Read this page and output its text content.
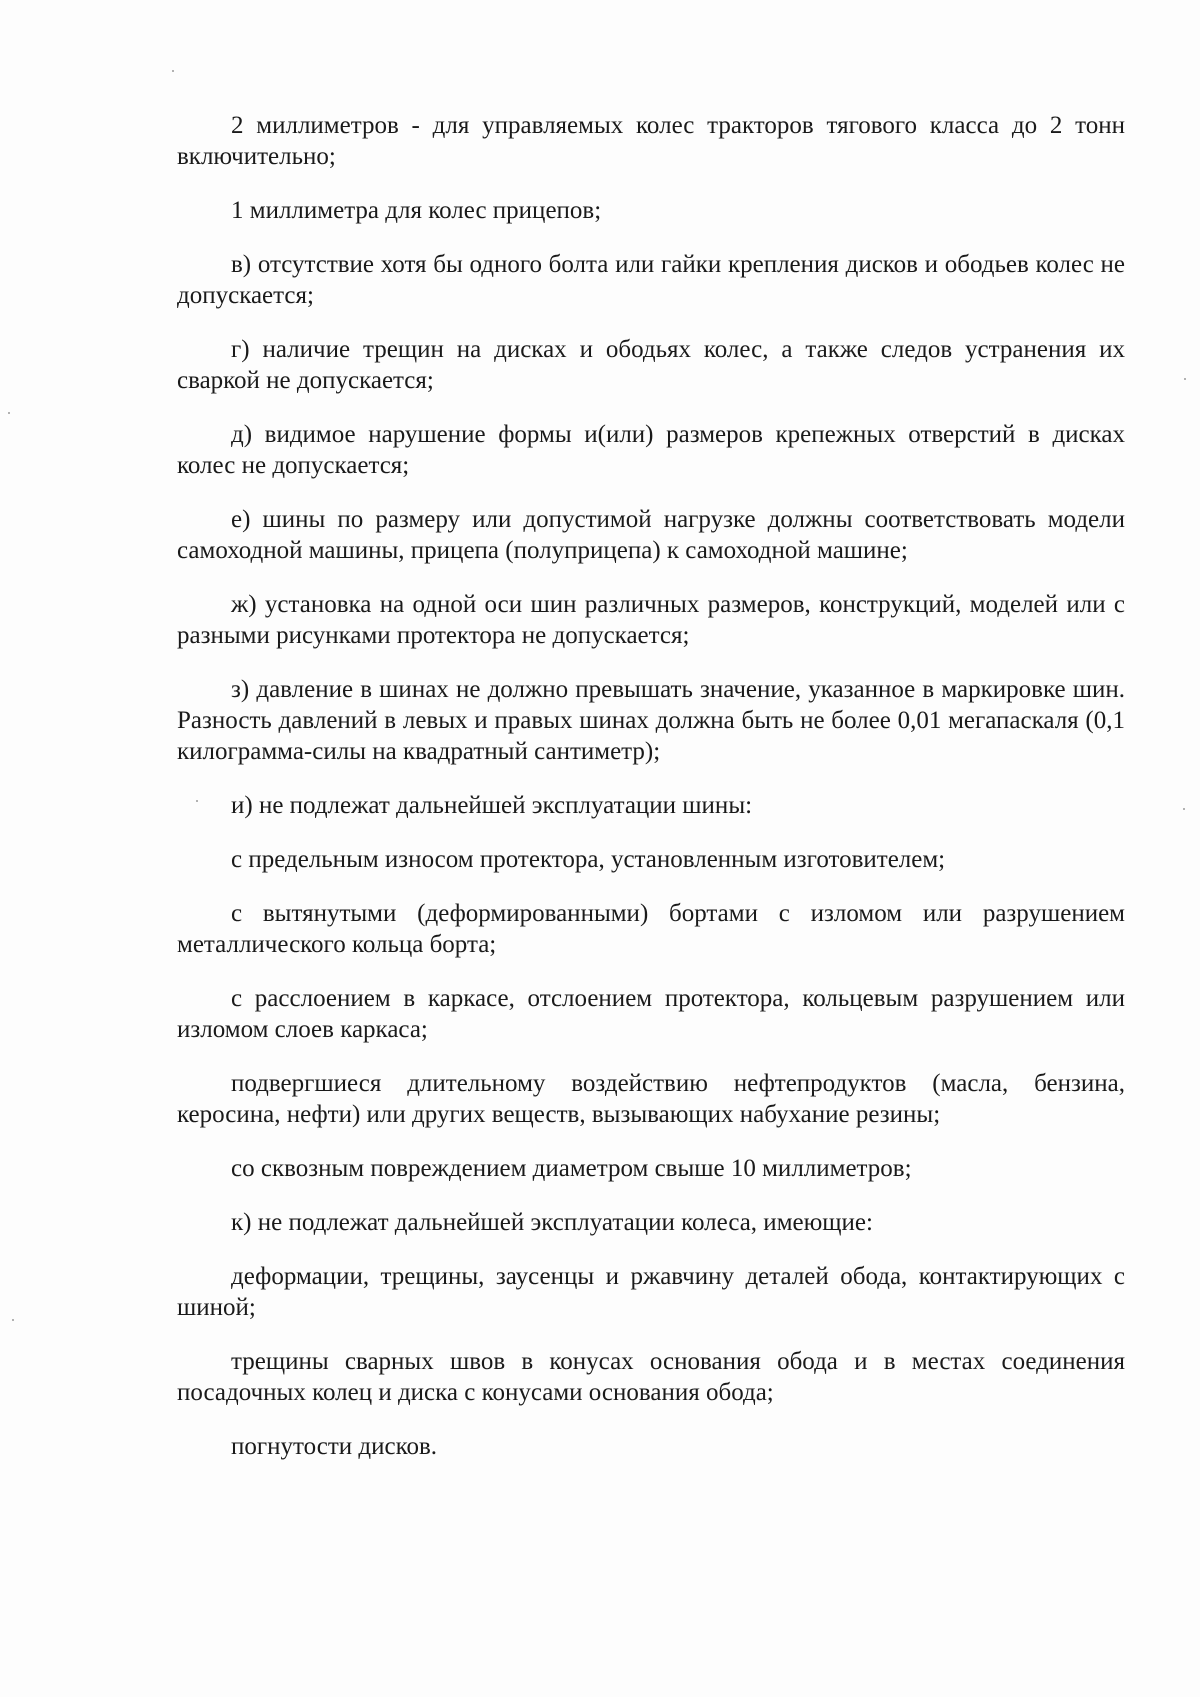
2 миллиметров - для управляемых колес тракторов тягового класса до 2 тонн включительно;

1 миллиметра для колес прицепов;

в) отсутствие хотя бы одного болта или гайки крепления дисков и ободьев колес не допускается;

г) наличие трещин на дисках и ободьях колес, а также следов устранения их сваркой не допускается;

д) видимое нарушение формы и(или) размеров крепежных отверстий в дисках колес не допускается;

е) шины по размеру или допустимой нагрузке должны соответствовать модели самоходной машины, прицепа (полуприцепа) к самоходной машине;

ж) установка на одной оси шин различных размеров, конструкций, моделей или с разными рисунками протектора не допускается;

з) давление в шинах не должно превышать значение, указанное в маркировке шин. Разность давлений в левых и правых шинах должна быть не более 0,01 мегапаскаля (0,1 килограмма-силы на квадратный сантиметр);

и) не подлежат дальнейшей эксплуатации шины:

с предельным износом протектора, установленным изготовителем;

с вытянутыми (деформированными) бортами с изломом или разрушением металлического кольца борта;

с расслоением в каркасе, отслоением протектора, кольцевым разрушением или изломом слоев каркаса;

подвергшиеся длительному воздействию нефтепродуктов (масла, бензина, керосина, нефти) или других веществ, вызывающих набухание резины;

со сквозным повреждением диаметром свыше 10 миллиметров;

к) не подлежат дальнейшей эксплуатации колеса, имеющие:

деформации, трещины, заусенцы и ржавчину деталей обода, контактирующих с шиной;

трещины сварных швов в конусах основания обода и в местах соединения посадочных колец и диска с конусами основания обода;

погнутости дисков.
